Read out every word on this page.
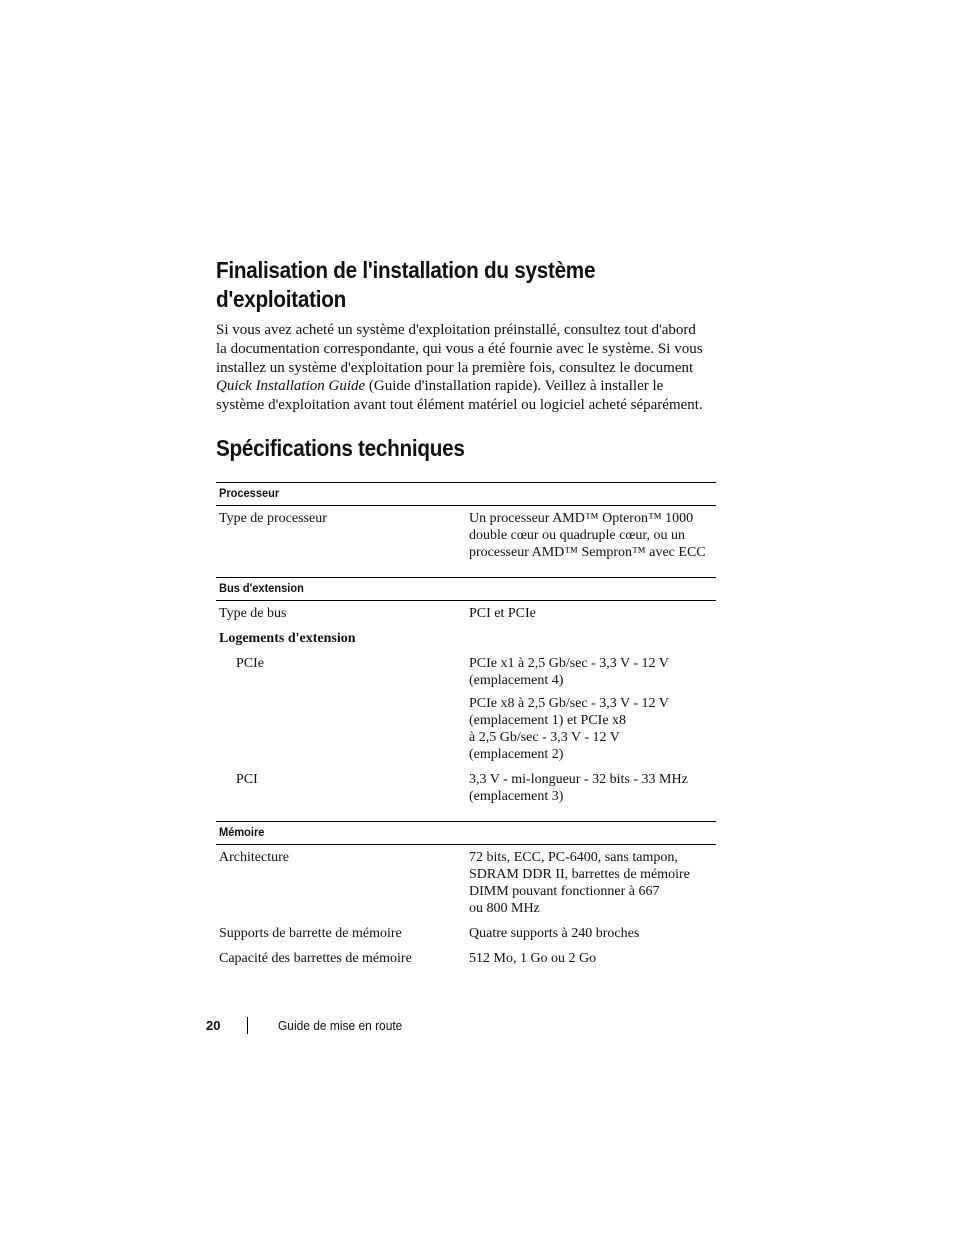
Finalisation de l'installation du système
d'exploitation

Si vous avez acheté un système d'exploitation préinstallé, consultez tout d'abord
la documentation correspondante, qui vous a été fournie avec le système. Si vous
installez un système d'exploitation pour la première fois, consultez le document
Quick Installation Guide (Guide d'installation rapide). Veillez à installer le
système d'exploitation avant tout élément matériel ou logiciel acheté séparément.

Spécifications techniques
Processeur
Type de processeur	Un processeur AMD™ Opteron™ 1000
double cœur ou quadruple cœur, ou un
processeur AMD™ Sempron™ avec ECC
Bus d'extension
Type de bus	PCI et PCIe
Logements d'extension
PCIe	PCIe x1 à 2,5 Gb/sec - 3,3 V - 12 V
(emplacement 4)
PCIe x8 à 2,5 Gb/sec - 3,3 V - 12 V
(emplacement 1) et PCIe x8
à 2,5 Gb/sec - 3,3 V - 12 V
(emplacement 2)
PCI	3,3 V - mi-longueur - 32 bits - 33 MHz
(emplacement 3)
Mémoire
Architecture	72 bits, ECC, PC-6400, sans tampon,
SDRAM DDR II, barrettes de mémoire
DIMM pouvant fonctionner à 667
ou 800 MHz
Supports de barrette de mémoire	Quatre supports à 240 broches
Capacité des barrettes de mémoire	512 Mo, 1 Go ou 2 Go
20	Guide de mise en route
